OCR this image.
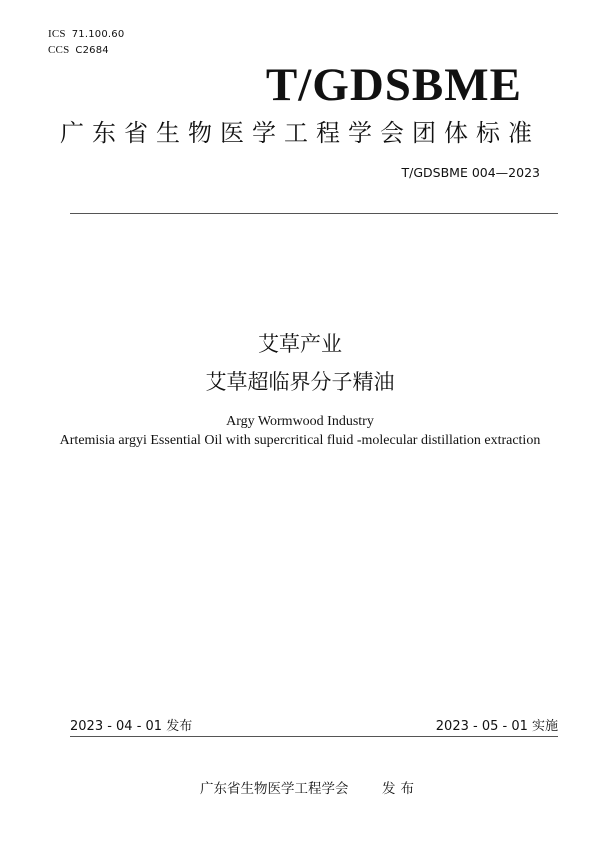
ICS 71.100.60
CCS C2684
T/GDSBME
广东省生物医学工程学会团体标准
T/GDSBME 004—2023
艾草产业
艾草超临界分子精油
Argy Wormwood Industry
Artemisia argyi Essential Oil with supercritical fluid -molecular distillation extraction
2023 - 04 - 01 发布	2023 - 05 - 01 实施
广东省生物医学工程学会 发布
